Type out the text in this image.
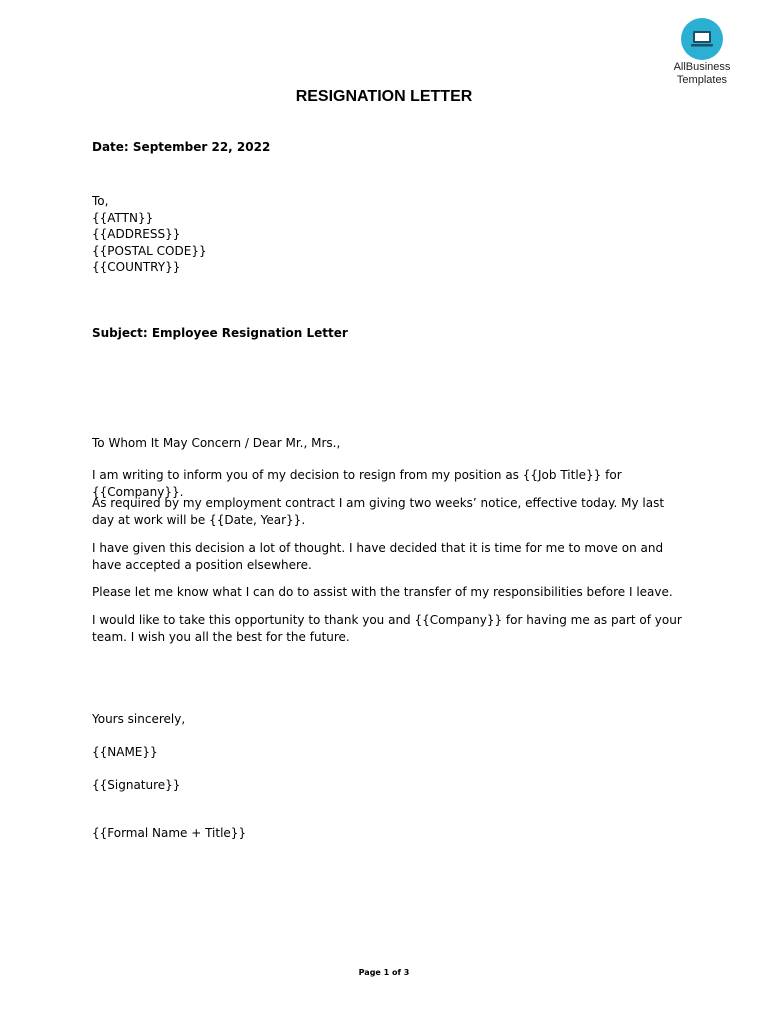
AllBusiness
Templates
RESIGNATION LETTER
Date: September 22, 2022
To,
{{ATTN}}
{{ADDRESS}}
{{POSTAL CODE}}
{{COUNTRY}}
Subject: Employee Resignation Letter
To Whom It May Concern / Dear Mr., Mrs.,
I am writing to inform you of my decision to resign from my position as {{Job Title}} for {{Company}}.
As required by my employment contract I am giving two weeks’ notice, effective today. My last day at work will be {{Date, Year}}.
I have given this decision a lot of thought. I have decided that it is time for me to move on and have accepted a position elsewhere.
Please let me know what I can do to assist with the transfer of my responsibilities before I leave.
I would like to take this opportunity to thank you and {{Company}} for having me as part of your team. I wish you all the best for the future.
Yours sincerely,
{{NAME}}
{{Signature}}
{{Formal Name + Title}}
Page 1 of 3
